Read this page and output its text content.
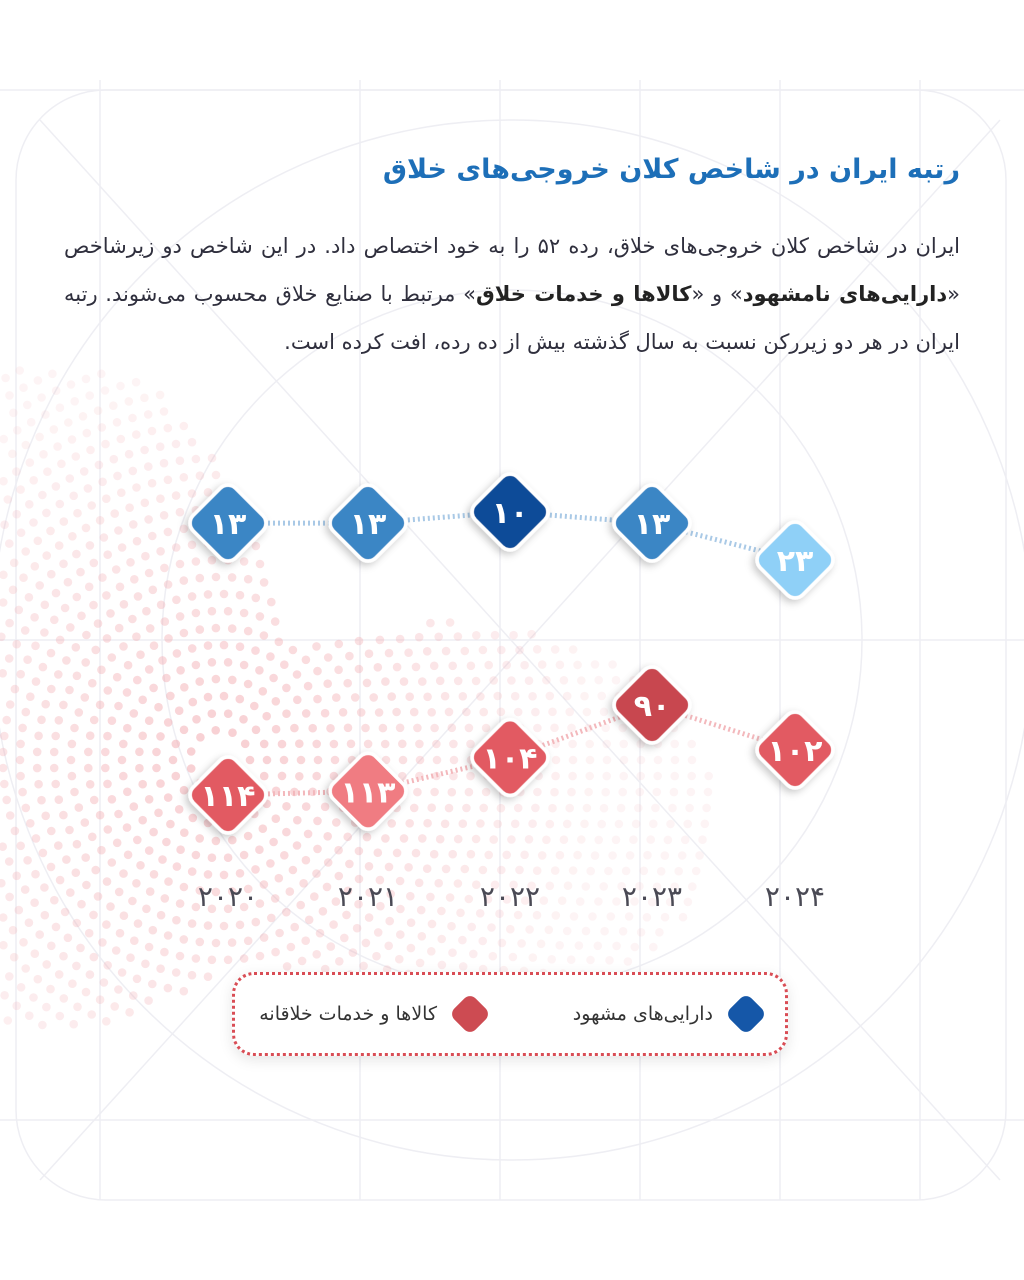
رتبه ایران در شاخص کلان خروجی‌های خلاق

ایران در شاخص کلان خروجی‌های خلاق، رده ۵۲ را به خود اختصاص داد. در این شاخص دو زیرشاخص «دارایی‌های نامشهود» و «کالاها و خدمات خلاق» مرتبط با صنایع خلاق محسوب می‌شوند. رتبه ایران در هر دو زیررکن نسبت به سال گذشته بیش از ده رده، افت کرده است.

۱۳	۱۳	۱۰	۱۳
۲۳
۱۱۴	۱۱۳
۱۰۴
۹۰
۱۰۲
۲۰۲۰	۲۰۲۱	۲۰۲۲	۲۰۲۳	۲۰۲۴
دارایی‌های مشهود
کالاها و خدمات خلاقانه
